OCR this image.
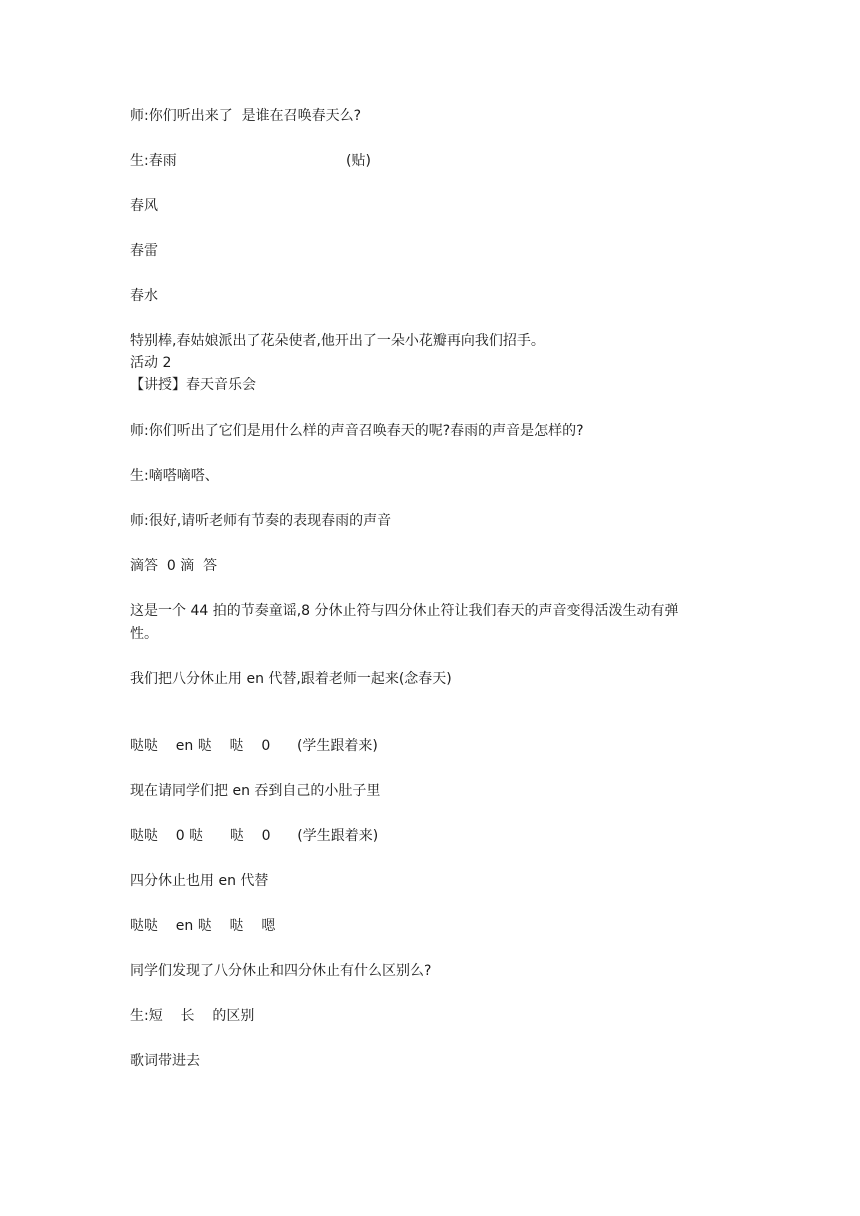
师:你们听出来了  是谁在召唤春天么?
生:春雨	(贴)
春风
春雷
春水
特别棒,春姑娘派出了花朵使者,他开出了一朵小花瓣再向我们招手。
活动 2
【讲授】春天音乐会
师:你们听出了它们是用什么样的声音召唤春天的呢?春雨的声音是怎样的?
生:嘀嗒嘀嗒、
师:很好,请听老师有节奏的表现春雨的声音
滴答  0 滴  答
这是一个 44 拍的节奏童谣,8 分休止符与四分休止符让我们春天的声音变得活泼生动有弹
性。
我们把八分休止用 en 代替,跟着老师一起来(念春天)
哒哒    en 哒    哒    0      (学生跟着来)
现在请同学们把 en 吞到自己的小肚子里
哒哒    0 哒      哒    0      (学生跟着来)
四分休止也用 en 代替
哒哒    en 哒    哒    嗯
同学们发现了八分休止和四分休止有什么区别么?
生:短    长    的区别
歌词带进去
